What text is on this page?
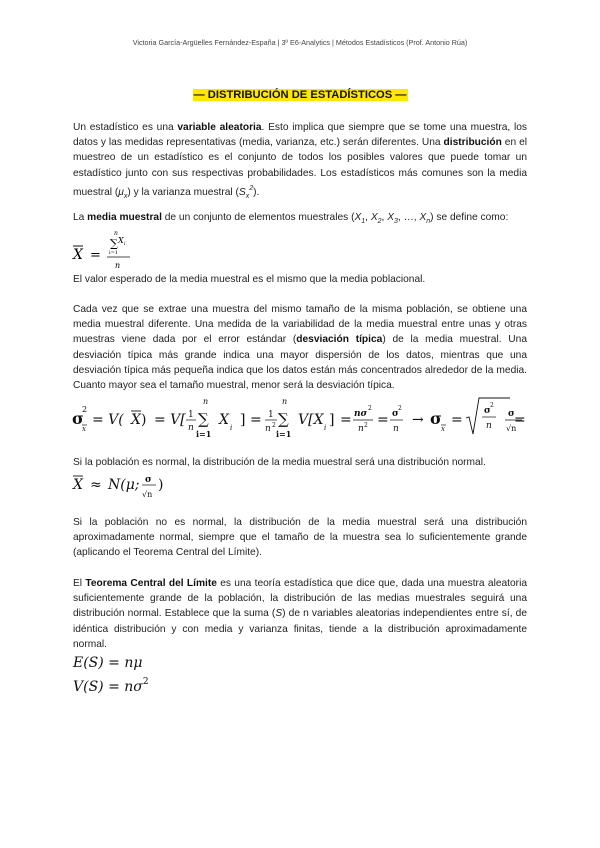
Victoria García-Argüelles Fernández-España | 3º E6-Analytics | Métodos Estadísticos (Prof. Antonio Rúa)
— DISTRIBUCIÓN DE ESTADÍSTICOS —
Un estadístico es una variable aleatoria. Esto implica que siempre que se tome una muestra, los datos y las medidas representativas (media, varianza, etc.) serán diferentes. Una distribución en el muestreo de un estadístico es el conjunto de todos los posibles valores que puede tomar un estadístico junto con sus respectivas probabilidades. Los estadísticos más comunes son la media muestral $(\mu_x)$ y la varianza muestral $(S_x^2)$.
La media muestral de un conjunto de elementos muestrales ($X_1$, $X_2$, $X_3$, …, $X_n$) se define como:
X =
n
∑ X i
i=1
n
El valor esperado de la media muestral es el mismo que la media poblacional.
Cada vez que se extrae una muestra del mismo tamaño de la misma población, se obtiene una media muestral diferente. Una medida de la variabilidad de la media muestral entre unas y otras muestras viene dada por el error estándar (desviación típica) de la media muestral. Una desviación típica más grande indica una mayor dispersión de los datos, mientras que una desviación típica más pequeña indica que los datos están más concentrados alrededor de la media. Cuanto mayor sea el tamaño muestral, menor será la desviación típica.
σ
2
x
= V( X ) = V[ 1
n
n
∑
i=1
X i ] = 1
n 2
n
∑
i=1
V[X i ] = nσ
2
n 2 = σ
2
n
→ σ
x
=
σ
2
n =
σ
√n
Si la población es normal, la distribución de la media muestral será una distribución normal.
X ≈ N(μ; σ
√n
)
Si la población no es normal, la distribución de la media muestral será una distribución aproximadamente normal, siempre que el tamaño de la muestra sea lo suficientemente grande (aplicando el Teorema Central del Límite).
El Teorema Central del Límite es una teoría estadística que dice que, dada una muestra aleatoria suficientemente grande de la población, la distribución de las medias muestrales seguirá una distribución normal. Establece que la suma (S) de n variables aleatorias independientes entre sí, de idéntica distribución y con media y varianza finitas, tiende a la distribución aproximadamente normal.
E(S) = nμ
$V(S) = n\sigma^2$
